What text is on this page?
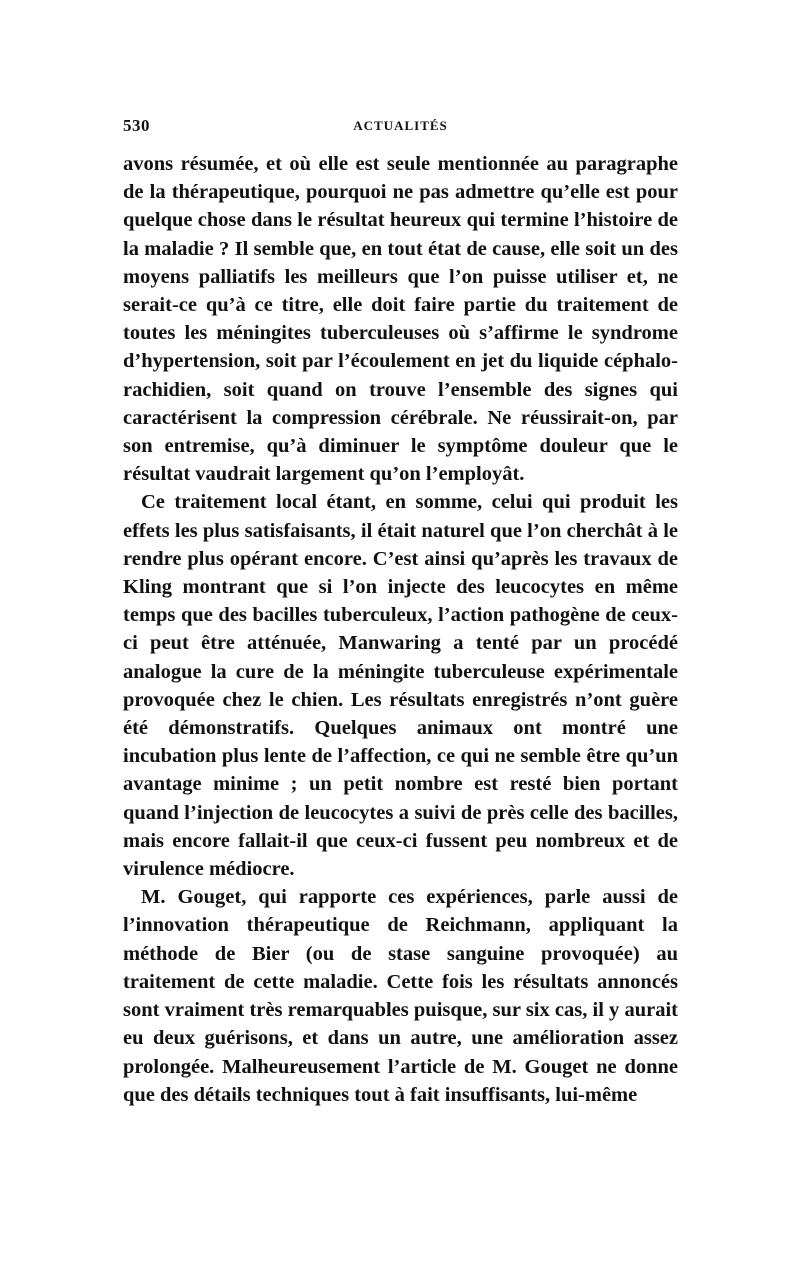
530	ACTUALITÉS

avons résumée, et où elle est seule mentionnée au paragraphe de la thérapeutique, pourquoi ne pas admettre qu’elle est pour quelque chose dans le résultat heureux qui termine l’histoire de la maladie ? Il semble que, en tout état de cause, elle soit un des moyens palliatifs les meilleurs que l’on puisse utiliser et, ne serait-ce qu’à ce titre, elle doit faire partie du traitement de toutes les méningites tuberculeuses où s’affirme le syndrome d’hypertension, soit par l’écoulement en jet du liquide céphalo-rachidien, soit quand on trouve l’ensemble des signes qui caractérisent la compression cérébrale. Ne réussirait-on, par son entremise, qu’à diminuer le symptôme douleur que le résultat vaudrait largement qu’on l’employât.

Ce traitement local étant, en somme, celui qui produit les effets les plus satisfaisants, il était naturel que l’on cherchât à le rendre plus opérant encore. C’est ainsi qu’après les travaux de Kling montrant que si l’on injecte des leucocytes en même temps que des bacilles tuberculeux, l’action pathogène de ceux-ci peut être atténuée, Manwaring a tenté par un procédé analogue la cure de la méningite tuberculeuse expérimentale provoquée chez le chien. Les résultats enregistrés n’ont guère été démonstratifs. Quelques animaux ont montré une incubation plus lente de l’affection, ce qui ne semble être qu’un avantage minime ; un petit nombre est resté bien portant quand l’injection de leucocytes a suivi de près celle des bacilles, mais encore fallait-il que ceux-ci fussent peu nombreux et de virulence médiocre.

M. Gouget, qui rapporte ces expériences, parle aussi de l’innovation thérapeutique de Reichmann, appliquant la méthode de Bier (ou de stase sanguine provoquée) au traitement de cette maladie. Cette fois les résultats annoncés sont vraiment très remarquables puisque, sur six cas, il y aurait eu deux guérisons, et dans un autre, une amélioration assez prolongée. Malheureusement l’article de M. Gouget ne donne que des détails techniques tout à fait insuffisants, lui-même
